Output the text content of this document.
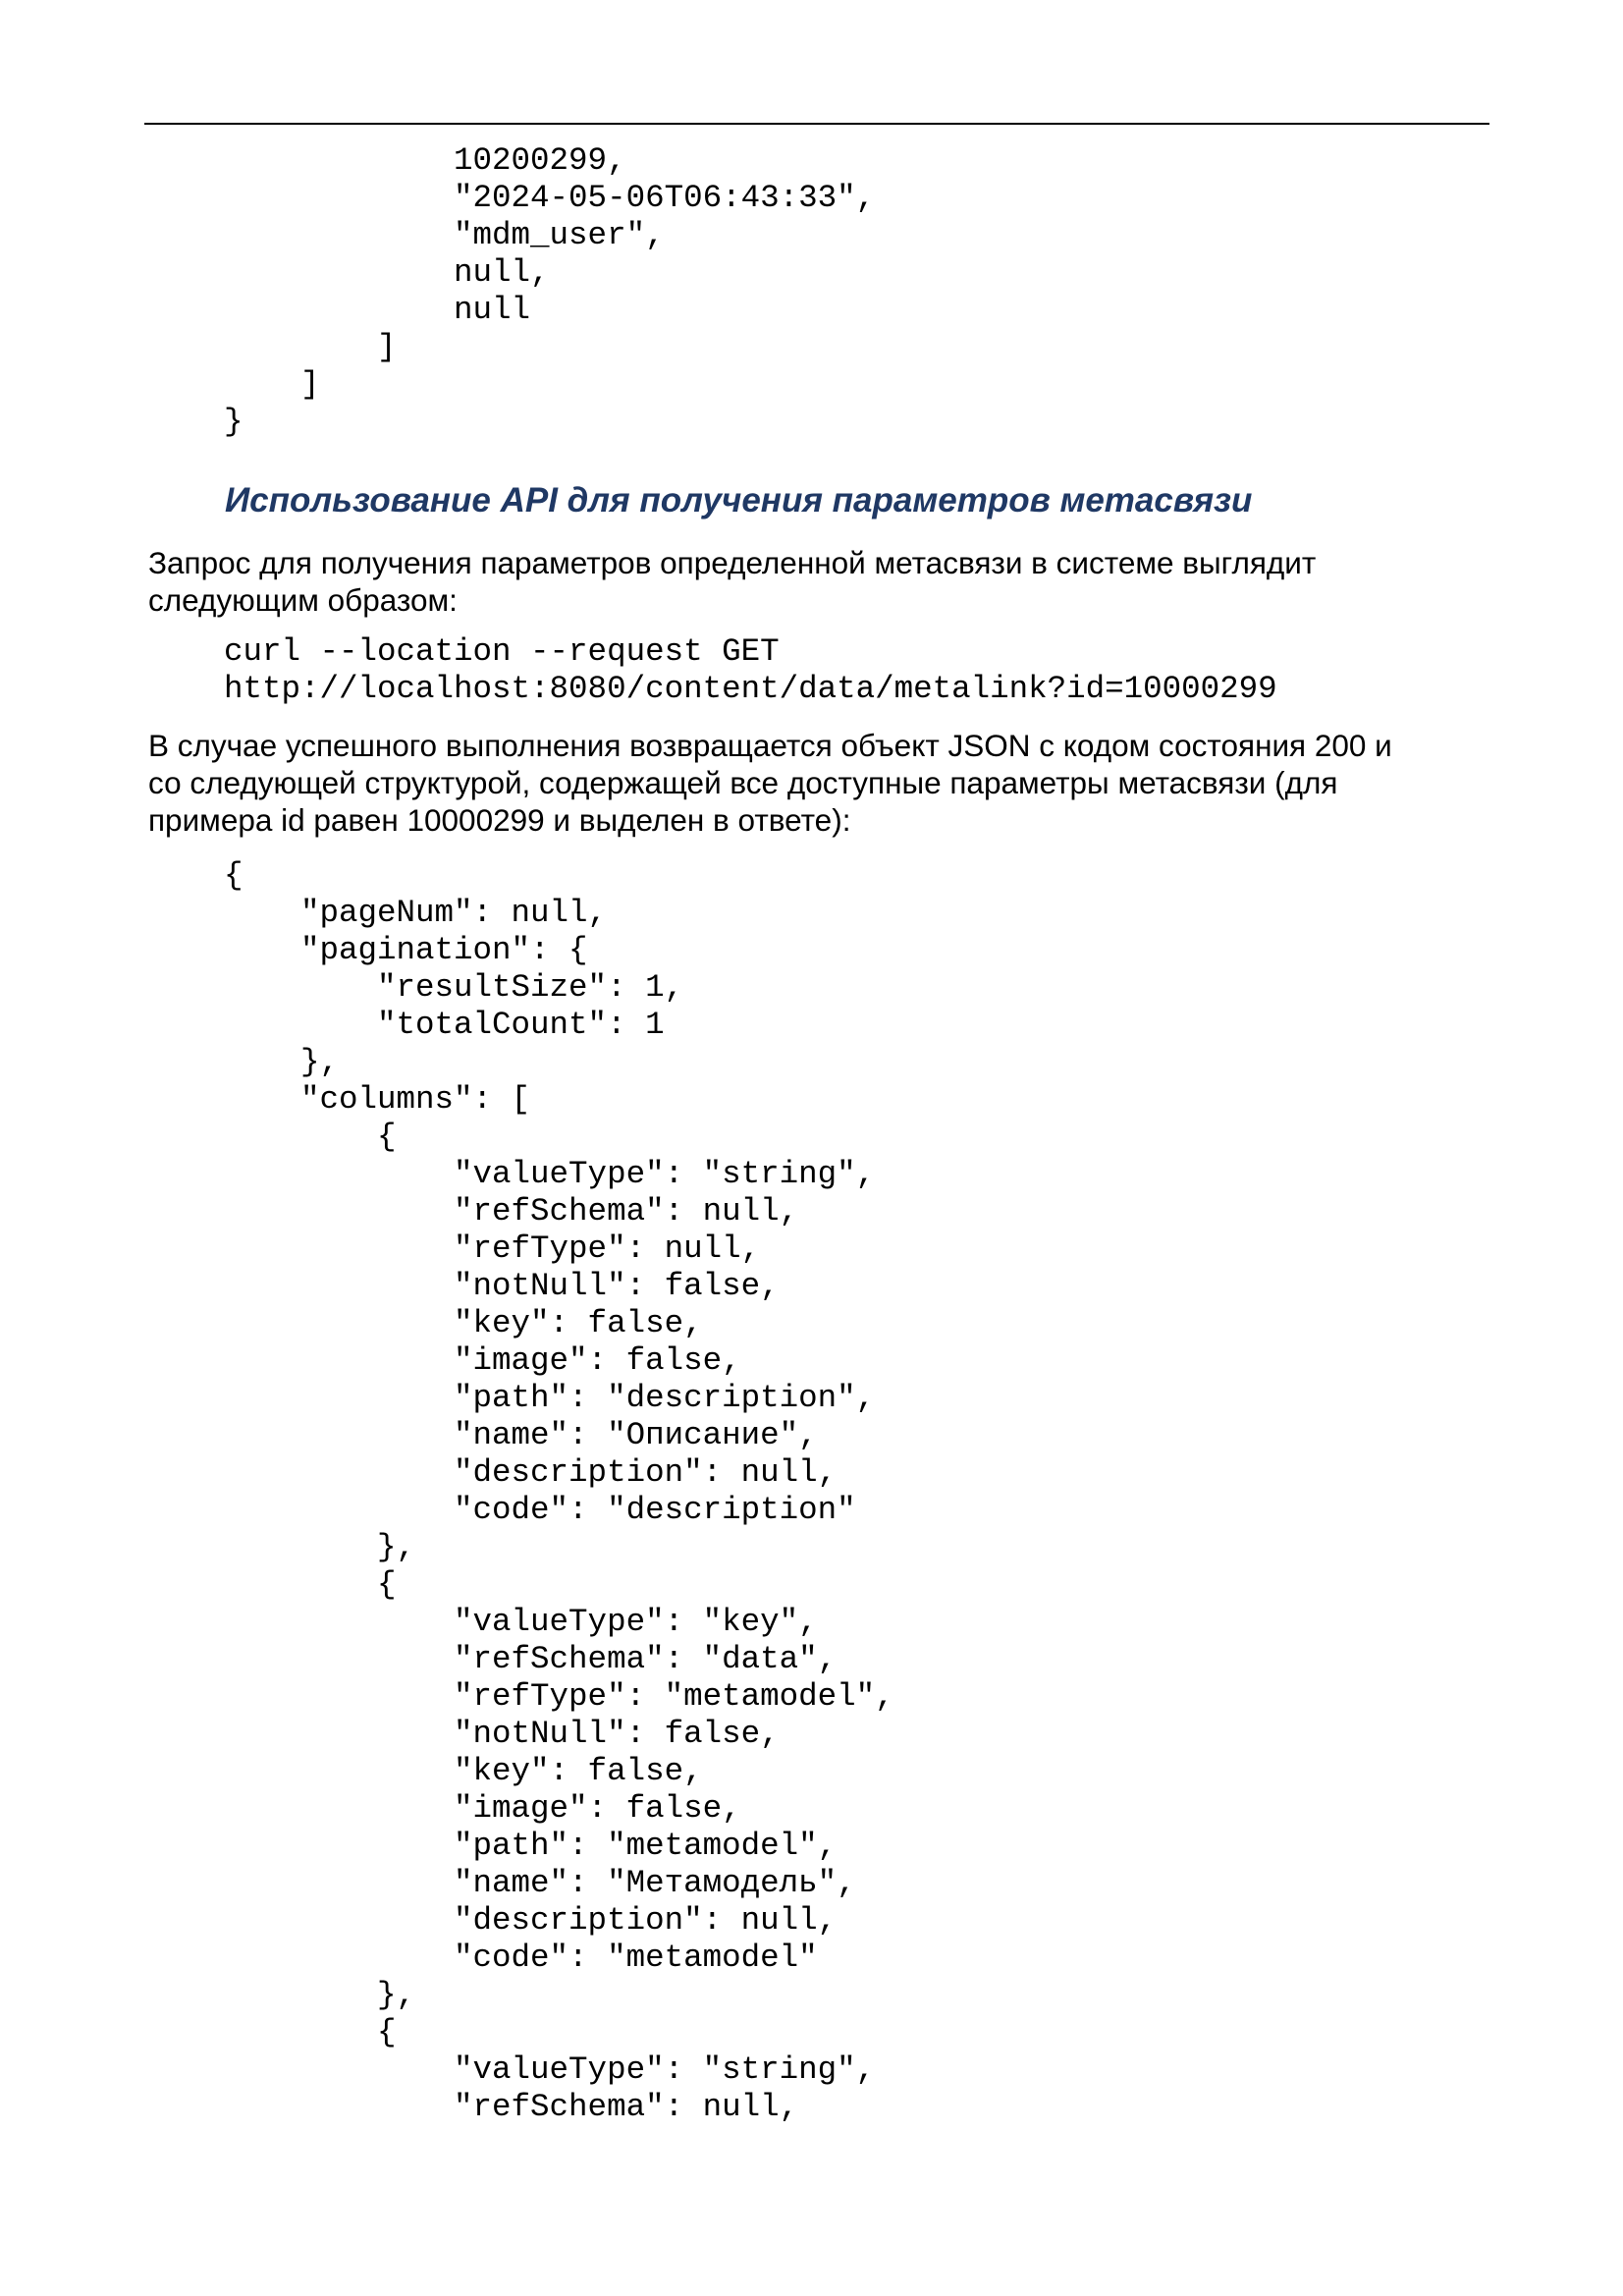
10200299,
"2024-05-06T06:43:33",
"mdm_user",
null,
null
]
]
}
Использование API для получения параметров метасвязи

Запрос для получения параметров определенной метасвязи в системе выглядит
следующим образом:

curl --location --request GET
http://localhost:8080/content/data/metalink?id=10000299

В случае успешного выполнения возвращается объект JSON с кодом состояния 200 и
со следующей структурой, содержащей все доступные параметры метасвязи (для
примера id равен 10000299 и выделен в ответе):

{
"pageNum": null,
"pagination": {
"resultSize": 1,
"totalCount": 1
},
"columns": [
{
"valueType": "string",
"refSchema": null,
"refType": null,
"notNull": false,
"key": false,
"image": false,
"path": "description",
"name": "Описание",
"description": null,
"code": "description"
},
{
"valueType": "key",
"refSchema": "data",
"refType": "metamodel",
"notNull": false,
"key": false,
"image": false,
"path": "metamodel",
"name": "Метамодель",
"description": null,
"code": "metamodel"
},
{
"valueType": "string",
"refSchema": null,
